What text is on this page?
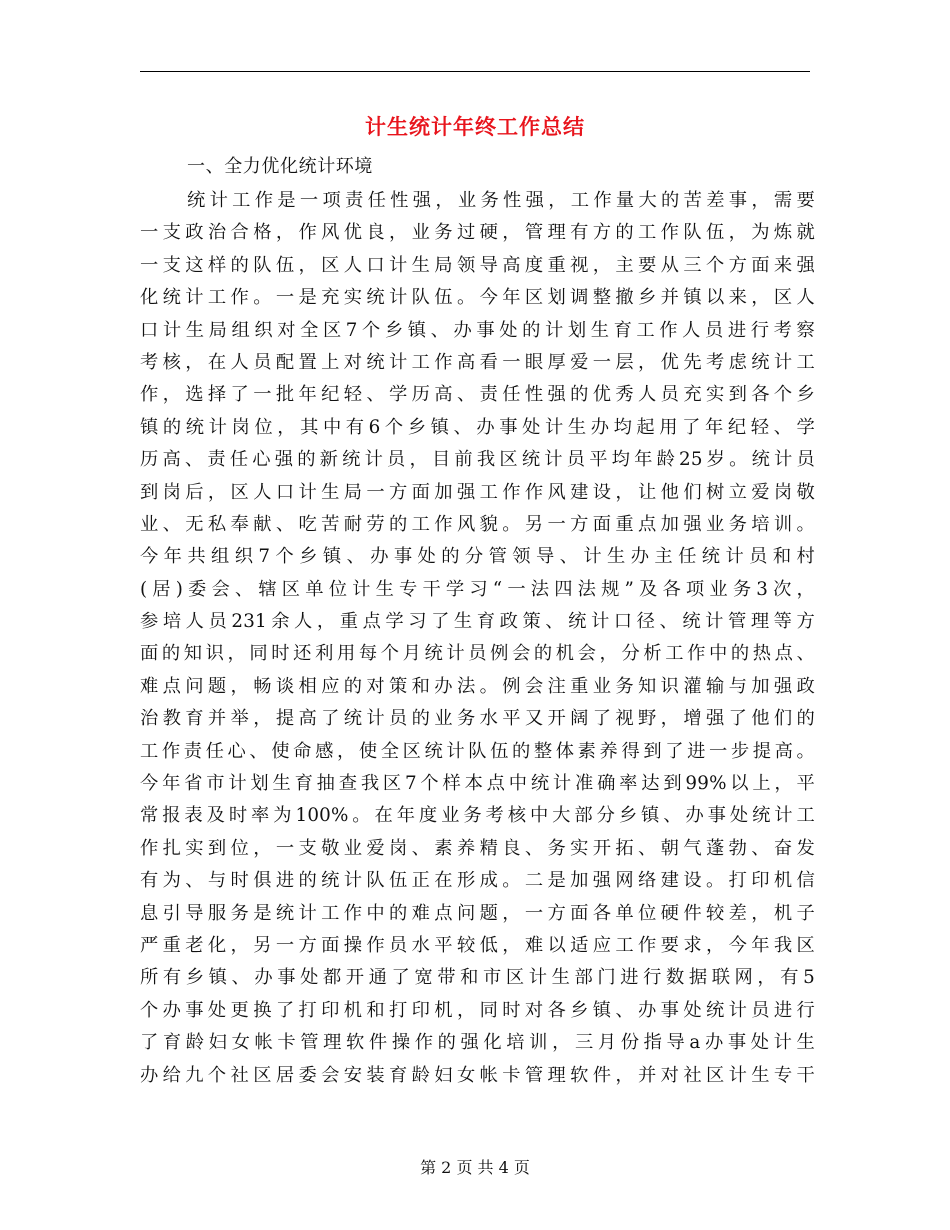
计生统计年终工作总结
一、全力优化统计环境
统计工作是一项责任性强，业务性强，工作量大的苦差事，需要
一支政治合格，作风优良，业务过硬，管理有方的工作队伍，为炼就
一支这样的队伍，区人口计生局领导高度重视，主要从三个方面来强
化统计工作。一是充实统计队伍。今年区划调整撤乡并镇以来，区人
口计生局组织对全区7个乡镇、办事处的计划生育工作人员进行考察
考核，在人员配置上对统计工作高看一眼厚爱一层，优先考虑统计工
作，选择了一批年纪轻、学历高、责任性强的优秀人员充实到各个乡
镇的统计岗位，其中有6个乡镇、办事处计生办均起用了年纪轻、学
历高、责任心强的新统计员，目前我区统计员平均年龄25岁。统计员
到岗后，区人口计生局一方面加强工作作风建设，让他们树立爱岗敬
业、无私奉献、吃苦耐劳的工作风貌。另一方面重点加强业务培训。
今年共组织7个乡镇、办事处的分管领导、计生办主任统计员和村
(居)委会、辖区单位计生专干学习“一法四法规”及各项业务3次，
参培人员231余人，重点学习了生育政策、统计口径、统计管理等方
面的知识，同时还利用每个月统计员例会的机会，分析工作中的热点、
难点问题，畅谈相应的对策和办法。例会注重业务知识灌输与加强政
治教育并举，提高了统计员的业务水平又开阔了视野，增强了他们的
工作责任心、使命感，使全区统计队伍的整体素养得到了进一步提高。
今年省市计划生育抽查我区7个样本点中统计准确率达到99%以上，平
常报表及时率为100%。在年度业务考核中大部分乡镇、办事处统计工
作扎实到位，一支敬业爱岗、素养精良、务实开拓、朝气蓬勃、奋发
有为、与时俱进的统计队伍正在形成。二是加强网络建设。打印机信
息引导服务是统计工作中的难点问题，一方面各单位硬件较差，机子
严重老化，另一方面操作员水平较低，难以适应工作要求，今年我区
所有乡镇、办事处都开通了宽带和市区计生部门进行数据联网，有5
个办事处更换了打印机和打印机，同时对各乡镇、办事处统计员进行
了育龄妇女帐卡管理软件操作的强化培训，三月份指导a办事处计生
办给九个社区居委会安装育龄妇女帐卡管理软件，并对社区计生专干
第 2 页 共 4 页
